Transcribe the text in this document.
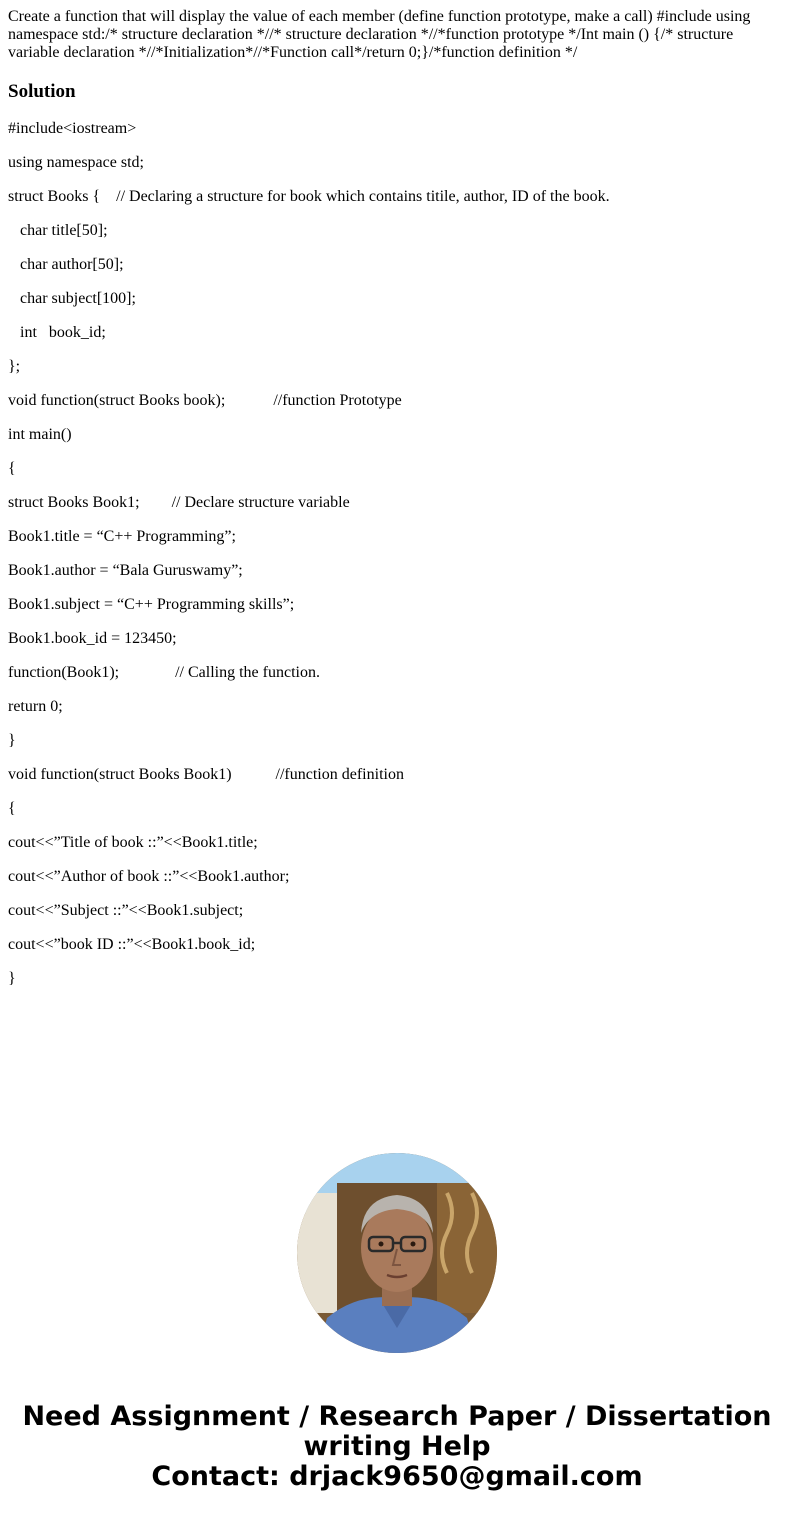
Create a function that will display the value of each member (define function prototype, make a call) #include using namespace std:/* structure declaration *//* structure declaration *//*function prototype */Int main () {/* structure variable declaration *//*Initialization*//*Function call*/return 0;}/*function definition */
Solution
#include<iostream>
using namespace std;
struct Books {    // Declaring a structure for book which contains titile, author, ID of the book.
char title[50];
char author[50];
char subject[100];
int   book_id;
};
void function(struct Books book);            //function Prototype
int main()
{
struct Books Book1;        // Declare structure variable
Book1.title = “C++ Programming”;
Book1.author = “Bala Guruswamy”;
Book1.subject = “C++ Programming skills”;
Book1.book_id = 123450;
function(Book1);              // Calling the function.
return 0;
}
void function(struct Books Book1)           //function definition
{
cout<<”Title of book ::”<<Book1.title;
cout<<”Author of book ::”<<Book1.author;
cout<<”Subject ::”<<Book1.subject;
cout<<”book ID ::”<<Book1.book_id;
}
Need Assignment / Research Paper / Dissertation
writing Help
Contact: drjack9650@gmail.com
